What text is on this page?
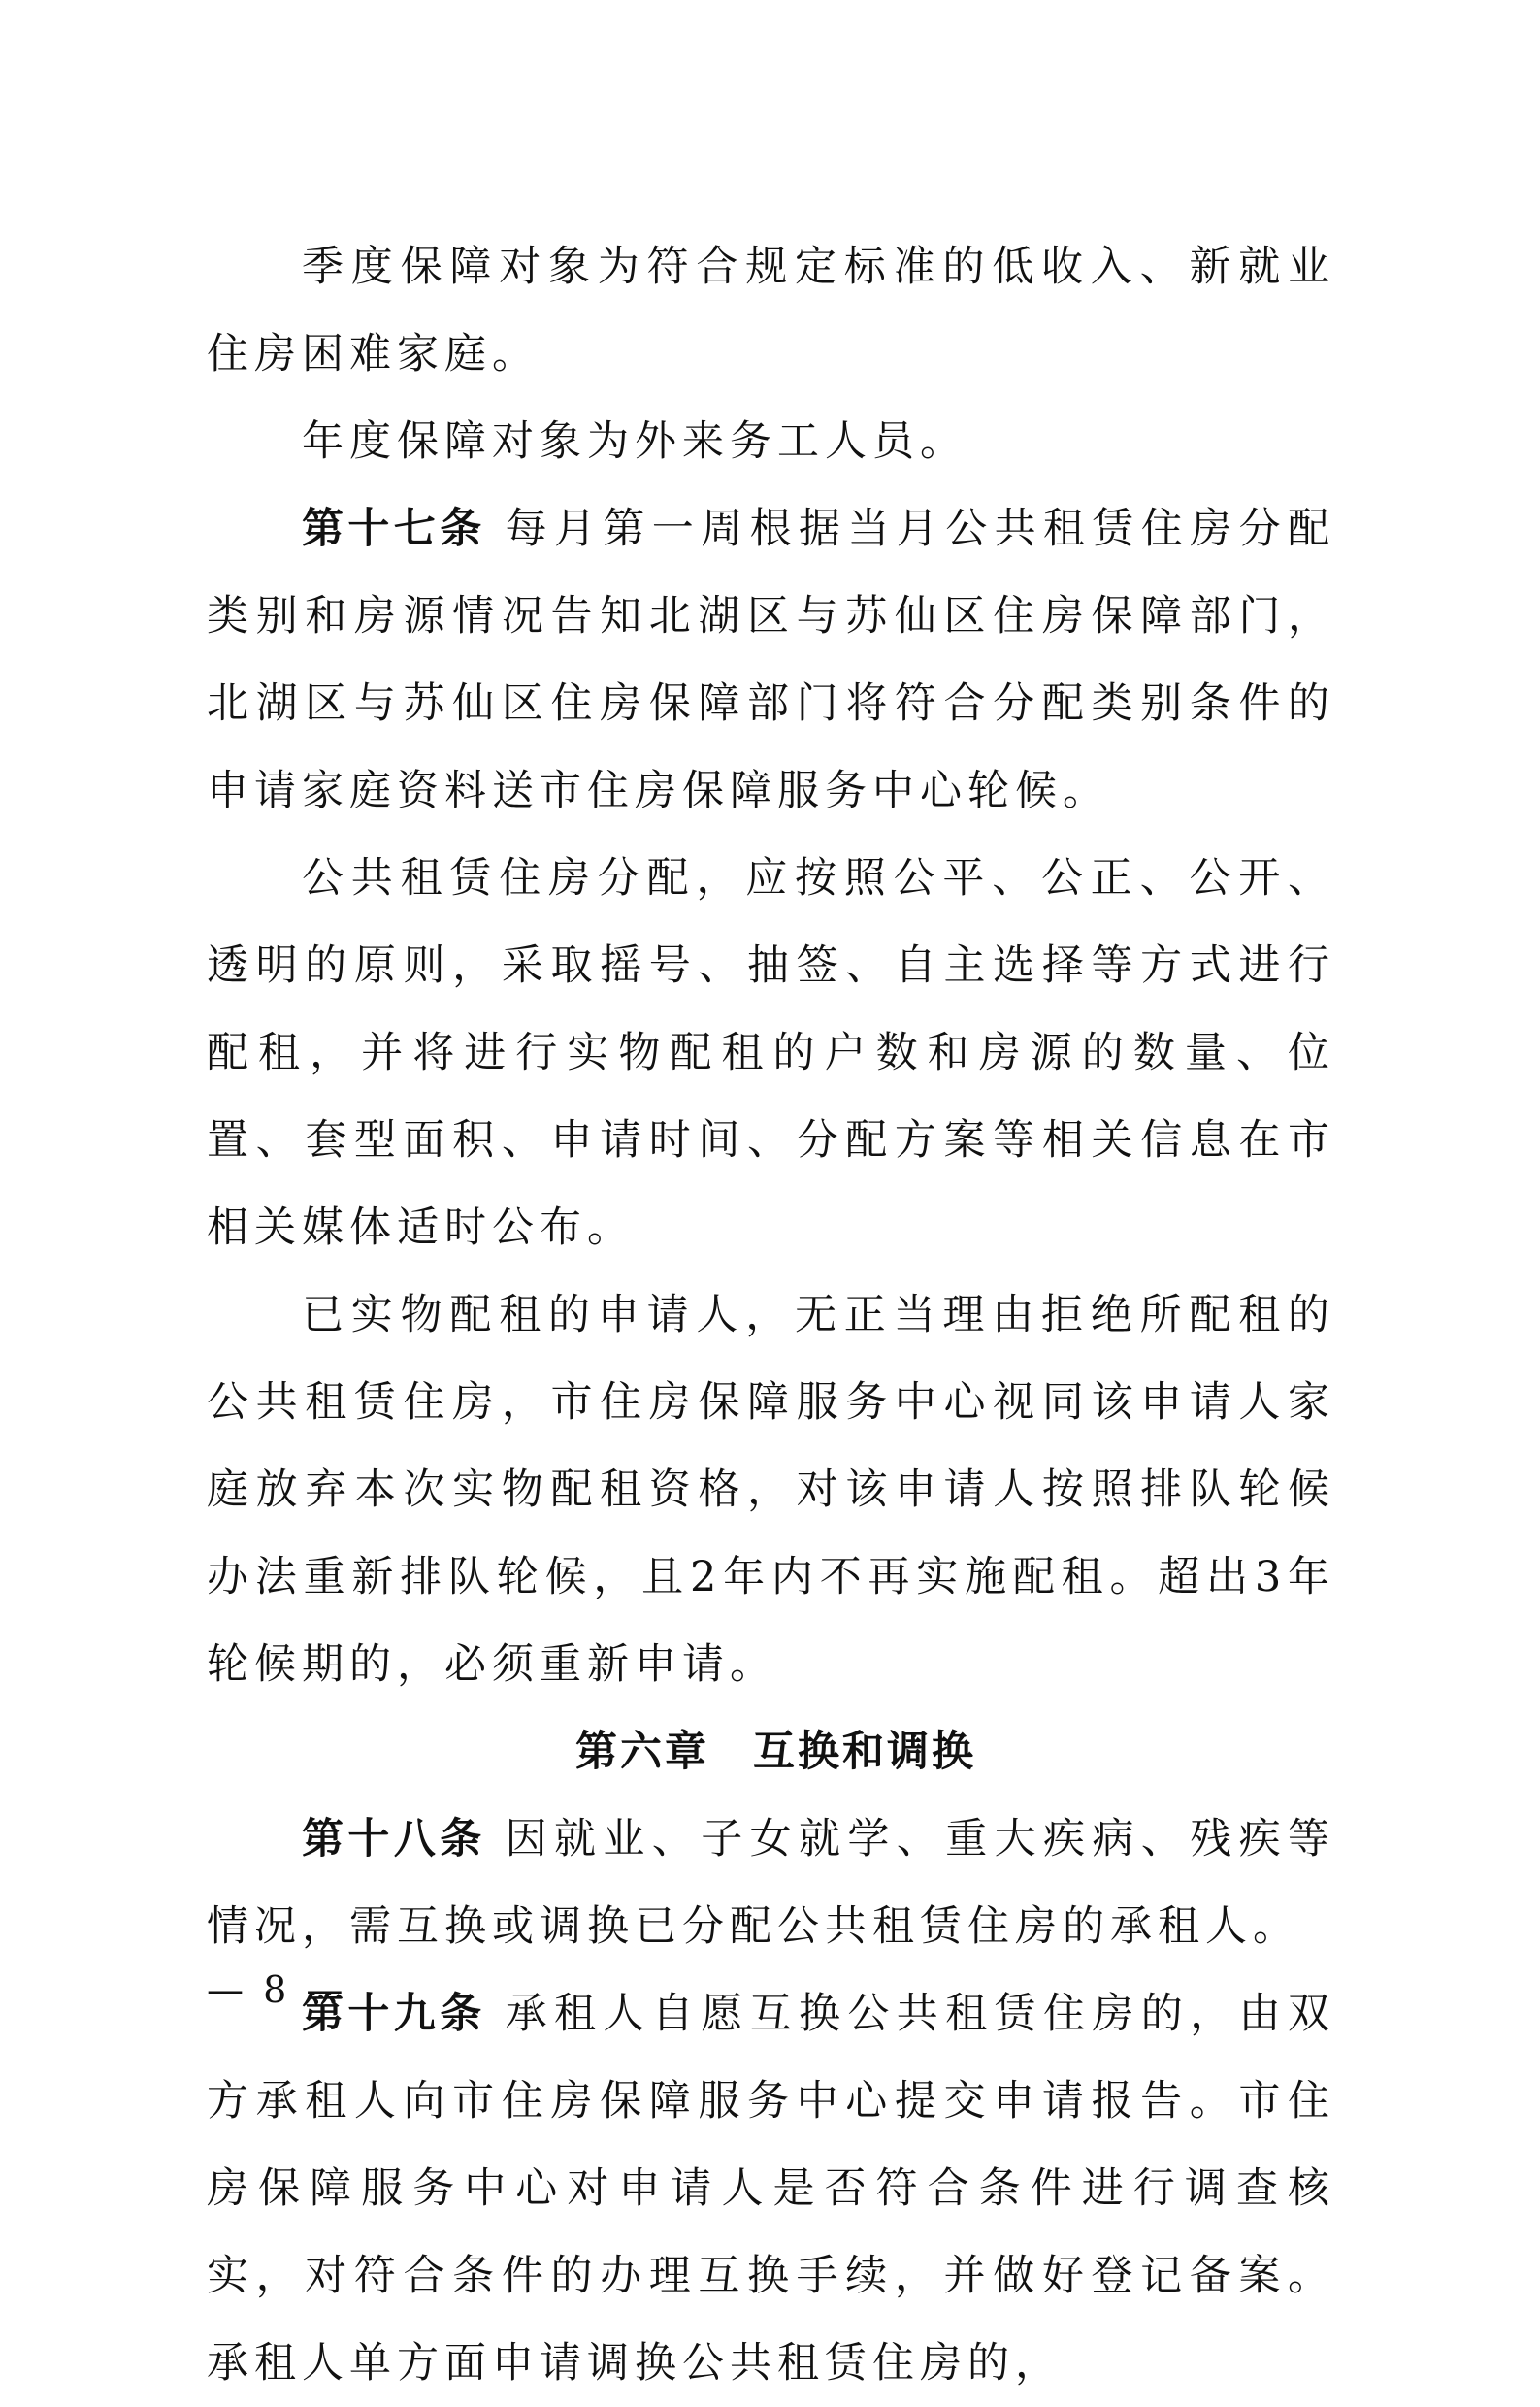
季度保障对象为符合规定标准的低收入、新就业住房困难家庭。

年度保障对象为外来务工人员。

第十七条 每月第一周根据当月公共租赁住房分配类别和房源情况告知北湖区与苏仙区住房保障部门，北湖区与苏仙区住房保障部门将符合分配类别条件的申请家庭资料送市住房保障服务中心轮候。

公共租赁住房分配，应按照公平、公正、公开、透明的原则，采取摇号、抽签、自主选择等方式进行配租，并将进行实物配租的户数和房源的数量、位置、套型面积、申请时间、分配方案等相关信息在市相关媒体适时公布。

已实物配租的申请人，无正当理由拒绝所配租的公共租赁住房，市住房保障服务中心视同该申请人家庭放弃本次实物配租资格，对该申请人按照排队轮候办法重新排队轮候，且2年内不再实施配租。超出3年轮候期的，必须重新申请。

第六章 互换和调换

第十八条 因就业、子女就学、重大疾病、残疾等情况，需互换或调换已分配公共租赁住房的承租人。

第十九条 承租人自愿互换公共租赁住房的，由双方承租人向市住房保障服务中心提交申请报告。市住房保障服务中心对申请人是否符合条件进行调查核实，对符合条件的办理互换手续，并做好登记备案。承租人单方面申请调换公共租赁住房的，

— 8 —
